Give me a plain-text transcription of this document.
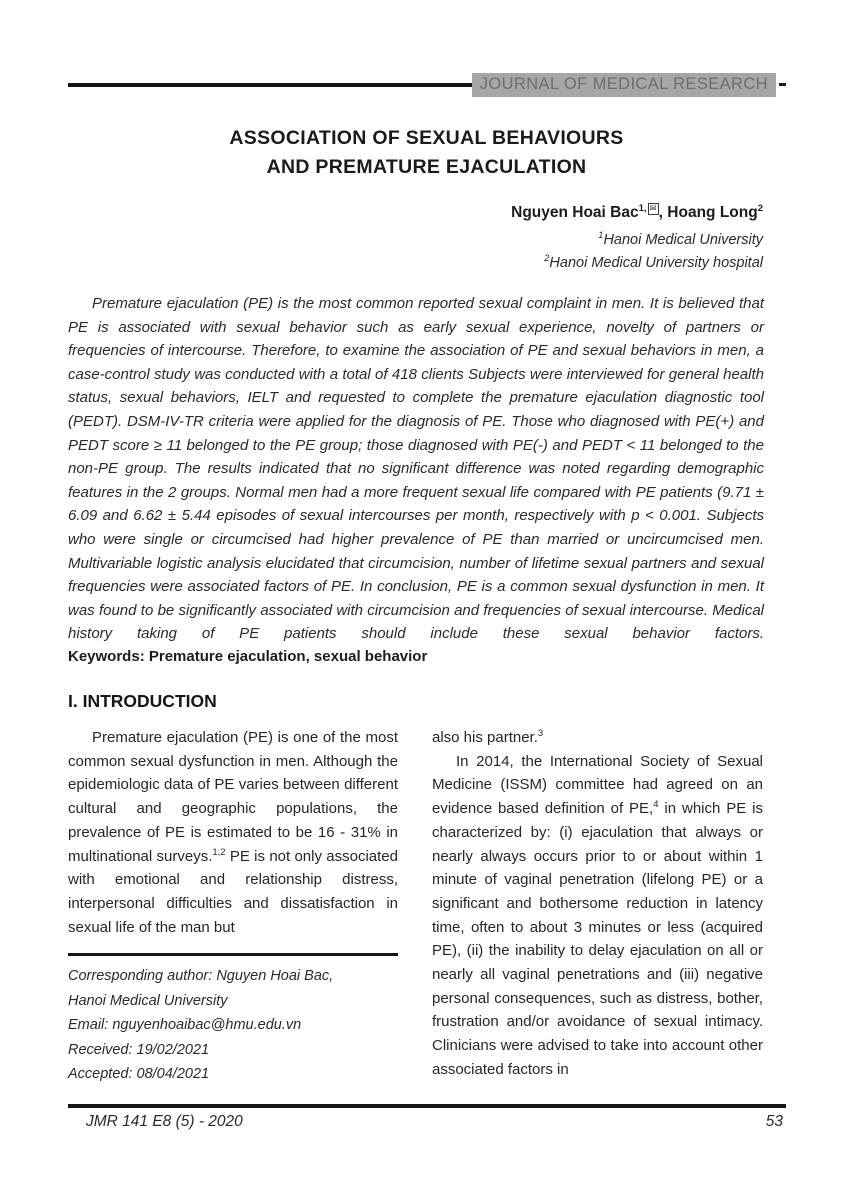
JOURNAL OF MEDICAL RESEARCH
ASSOCIATION OF SEXUAL BEHAVIOURS
AND PREMATURE EJACULATION
Nguyen Hoai Bac$^{1,}$ ✉ , Hoang Long$^2$
$^1$Hanoi Medical University
$^2$Hanoi Medical University hospital

Premature ejaculation (PE) is the most common reported sexual complaint in men. It is believed that PE is associated with sexual behavior such as early sexual experience, novelty of partners or frequencies of intercourse. Therefore, to examine the association of PE and sexual behaviors in men, a case-control study was conducted with a total of 418 clients Subjects were interviewed for general health status, sexual behaviors, IELT and requested to complete the premature ejaculation diagnostic tool (PEDT). DSM-IV-TR criteria were applied for the diagnosis of PE. Those who diagnosed with PE(+) and PEDT score ≥ 11 belonged to the PE group; those diagnosed with PE(-) and PEDT < 11 belonged to the non-PE group. The results indicated that no significant difference was noted regarding demographic features in the 2 groups. Normal men had a more frequent sexual life compared with PE patients (9.71 ± 6.09 and 6.62 ± 5.44 episodes of sexual intercourses per month, respectively with p < 0.001. Subjects who were single or circumcised had higher prevalence of PE than married or uncircumcised men. Multivariable logistic analysis elucidated that circumcision, number of lifetime sexual partners and sexual frequencies were associated factors of PE. In conclusion, PE is a common sexual dysfunction in men. It was found to be significantly associated with circumcision and frequencies of sexual intercourse. Medical history taking of PE patients should include these sexual behavior factors.

Keywords: Premature ejaculation, sexual behavior

I. INTRODUCTION

Premature ejaculation (PE) is one of the most common sexual dysfunction in men. Although the epidemiologic data of PE varies between different cultural and geographic populations, the prevalence of PE is estimated to be 16 - 31% in multinational surveys.$^{1,2}$ PE is not only associated with emotional and relationship distress, interpersonal difficulties and dissatisfaction in sexual life of the man but

Corresponding author: Nguyen Hoai Bac,

Hanoi Medical University

Email: nguyenhoaibac@hmu.edu.vn

Received: 19/02/2021

Accepted: 08/04/2021

also his partner.$^3$

In 2014, the International Society of Sexual Medicine (ISSM) committee had agreed on an evidence based definition of PE,$^4$ in which PE is characterized by: (i) ejaculation that always or nearly always occurs prior to or about within 1 minute of vaginal penetration (lifelong PE) or a significant and bothersome reduction in latency time, often to about 3 minutes or less (acquired PE), (ii) the inability to delay ejaculation on all or nearly all vaginal penetrations and (iii) negative personal consequences, such as distress, bother, frustration and/or avoidance of sexual intimacy. Clinicians were advised to take into account other associated factors in

JMR 141 E8 (5) - 2020	53
